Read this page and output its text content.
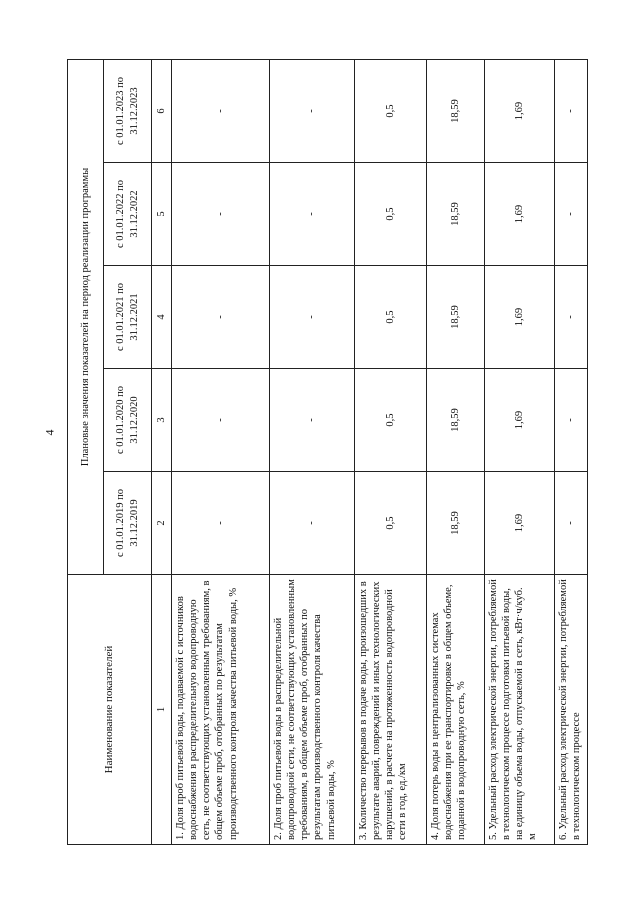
4
Наименование показателей	Плановые значения показателей на период реализации программы				
	с 01.01.2019 по 31.12.2019	с 01.01.2020 по 31.12.2020	с 01.01.2021 по 31.12.2021	с 01.01.2022 по 31.12.2022	с 01.01.2023 по 31.12.2023
1	2	3	4	5	6
1. Доля проб питьевой воды, подаваемой с источников водоснабжения в распределительную водопроводную сеть, не соответствующих установленным требованиям, в общем объеме проб, отобранных по результатам производственного контроля качества питьевой воды, %	-	-	-	-	-
2. Доля проб питьевой воды в распределительной водопроводной сети, не соответствующих установленным требованиям, в общем объеме проб, отобранных по результатам производственного контроля качества питьевой воды, %	-	-	-	-	-
3. Количество перерывов в подаче воды, произошедших в результате аварий, повреждений и иных технологических нарушений, в расчете на протяженность водопроводной сети в год, ед./км	0,5	0,5	0,5	0,5	0,5
4. Доля потерь воды в централизованных системах водоснабжения при ее транспортировке в общем объеме, поданной в водопроводную сеть, %	18,59	18,59	18,59	18,59	18,59
5. Удельный расход электрической энергии, потребляемой в технологическом процессе подготовки питьевой воды, на единицу объема воды, отпускаемой в сеть, кВт·ч/куб. м	1,69	1,69	1,69	1,69	1,69
6. Удельный расход электрической энергии, потребляемой в технологическом процессе	-	-	-	-	-
